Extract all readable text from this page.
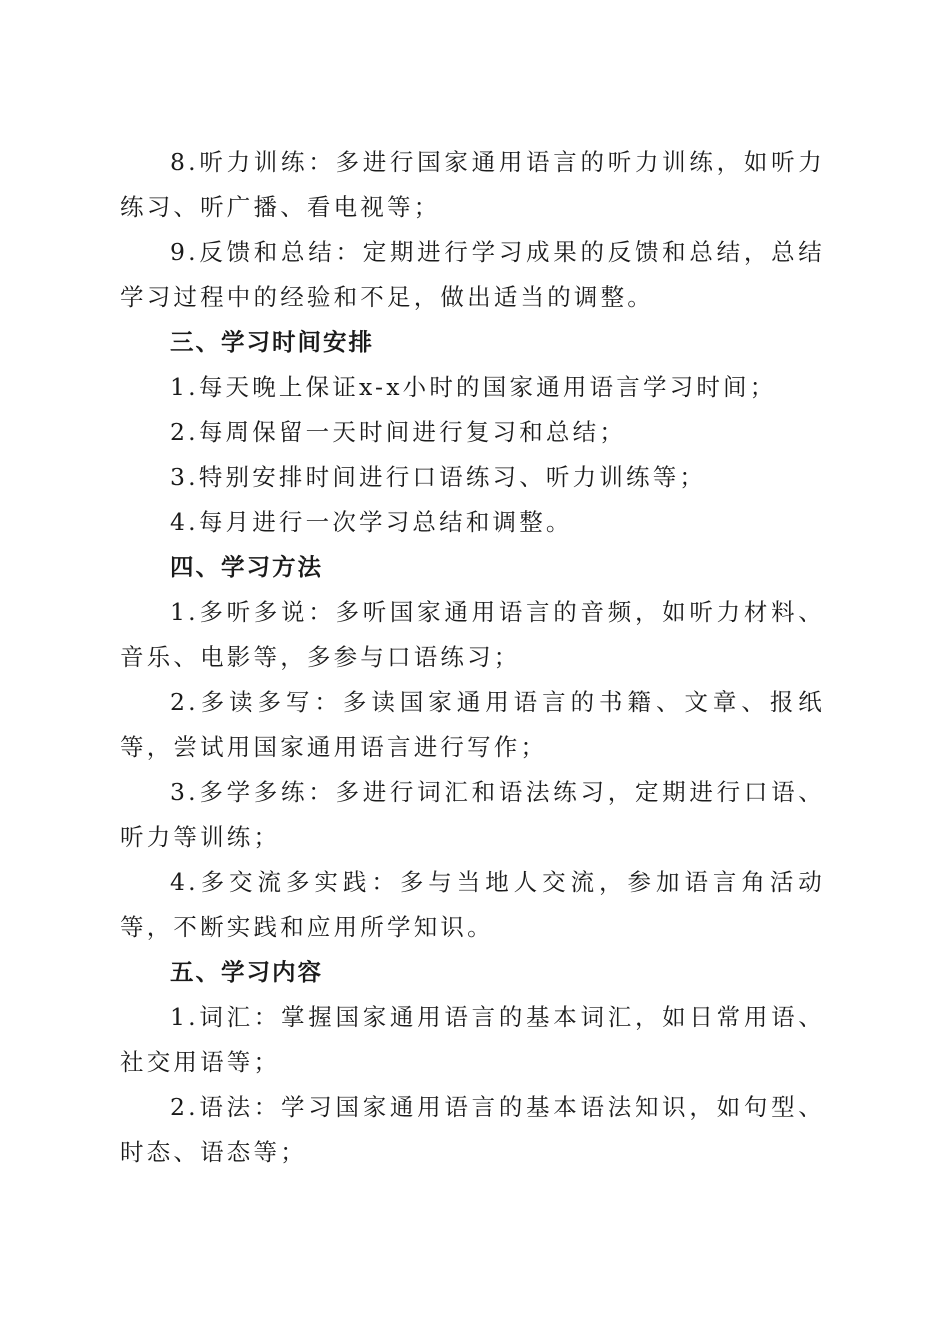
8.听力训练：多进行国家通用语言的听力训练，如听力练习、听广播、看电视等；

9.反馈和总结：定期进行学习成果的反馈和总结，总结学习过程中的经验和不足，做出适当的调整。

三、学习时间安排

1.每天晚上保证x-x小时的国家通用语言学习时间；

2.每周保留一天时间进行复习和总结；

3.特别安排时间进行口语练习、听力训练等；

4.每月进行一次学习总结和调整。

四、学习方法

1.多听多说：多听国家通用语言的音频，如听力材料、音乐、电影等，多参与口语练习；

2.多读多写：多读国家通用语言的书籍、文章、报纸等，尝试用国家通用语言进行写作；

3.多学多练：多进行词汇和语法练习，定期进行口语、听力等训练；

4.多交流多实践：多与当地人交流，参加语言角活动等，不断实践和应用所学知识。

五、学习内容

1.词汇：掌握国家通用语言的基本词汇，如日常用语、社交用语等；

2.语法：学习国家通用语言的基本语法知识，如句型、时态、语态等；
